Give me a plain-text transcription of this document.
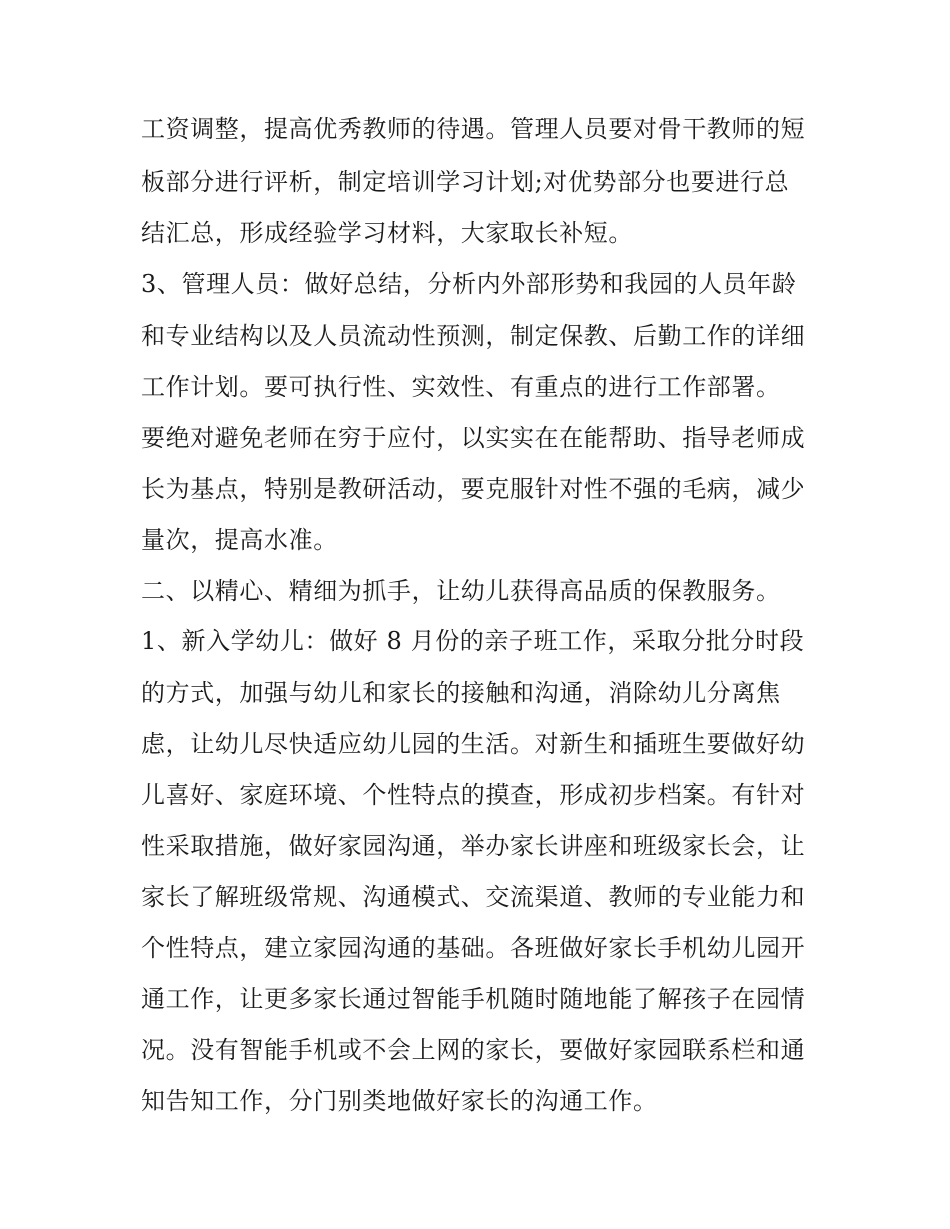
工资调整，提高优秀教师的待遇。管理人员要对骨干教师的短
板部分进行评析，制定培训学习计划;对优势部分也要进行总
结汇总，形成经验学习材料，大家取长补短。
3、管理人员：做好总结，分析内外部形势和我园的人员年龄
和专业结构以及人员流动性预测，制定保教、后勤工作的详细
工作计划。要可执行性、实效性、有重点的进行工作部署。
要绝对避免老师在穷于应付，以实实在在能帮助、指导老师成
长为基点，特别是教研活动，要克服针对性不强的毛病，减少
量次，提高水准。
二、以精心、精细为抓手，让幼儿获得高品质的保教服务。
1、新入学幼儿：做好 8 月份的亲子班工作，采取分批分时段
的方式，加强与幼儿和家长的接触和沟通，消除幼儿分离焦
虑，让幼儿尽快适应幼儿园的生活。对新生和插班生要做好幼
儿喜好、家庭环境、个性特点的摸查，形成初步档案。有针对
性采取措施，做好家园沟通，举办家长讲座和班级家长会，让
家长了解班级常规、沟通模式、交流渠道、教师的专业能力和
个性特点，建立家园沟通的基础。各班做好家长手机幼儿园开
通工作，让更多家长通过智能手机随时随地能了解孩子在园情
况。没有智能手机或不会上网的家长，要做好家园联系栏和通
知告知工作，分门别类地做好家长的沟通工作。
